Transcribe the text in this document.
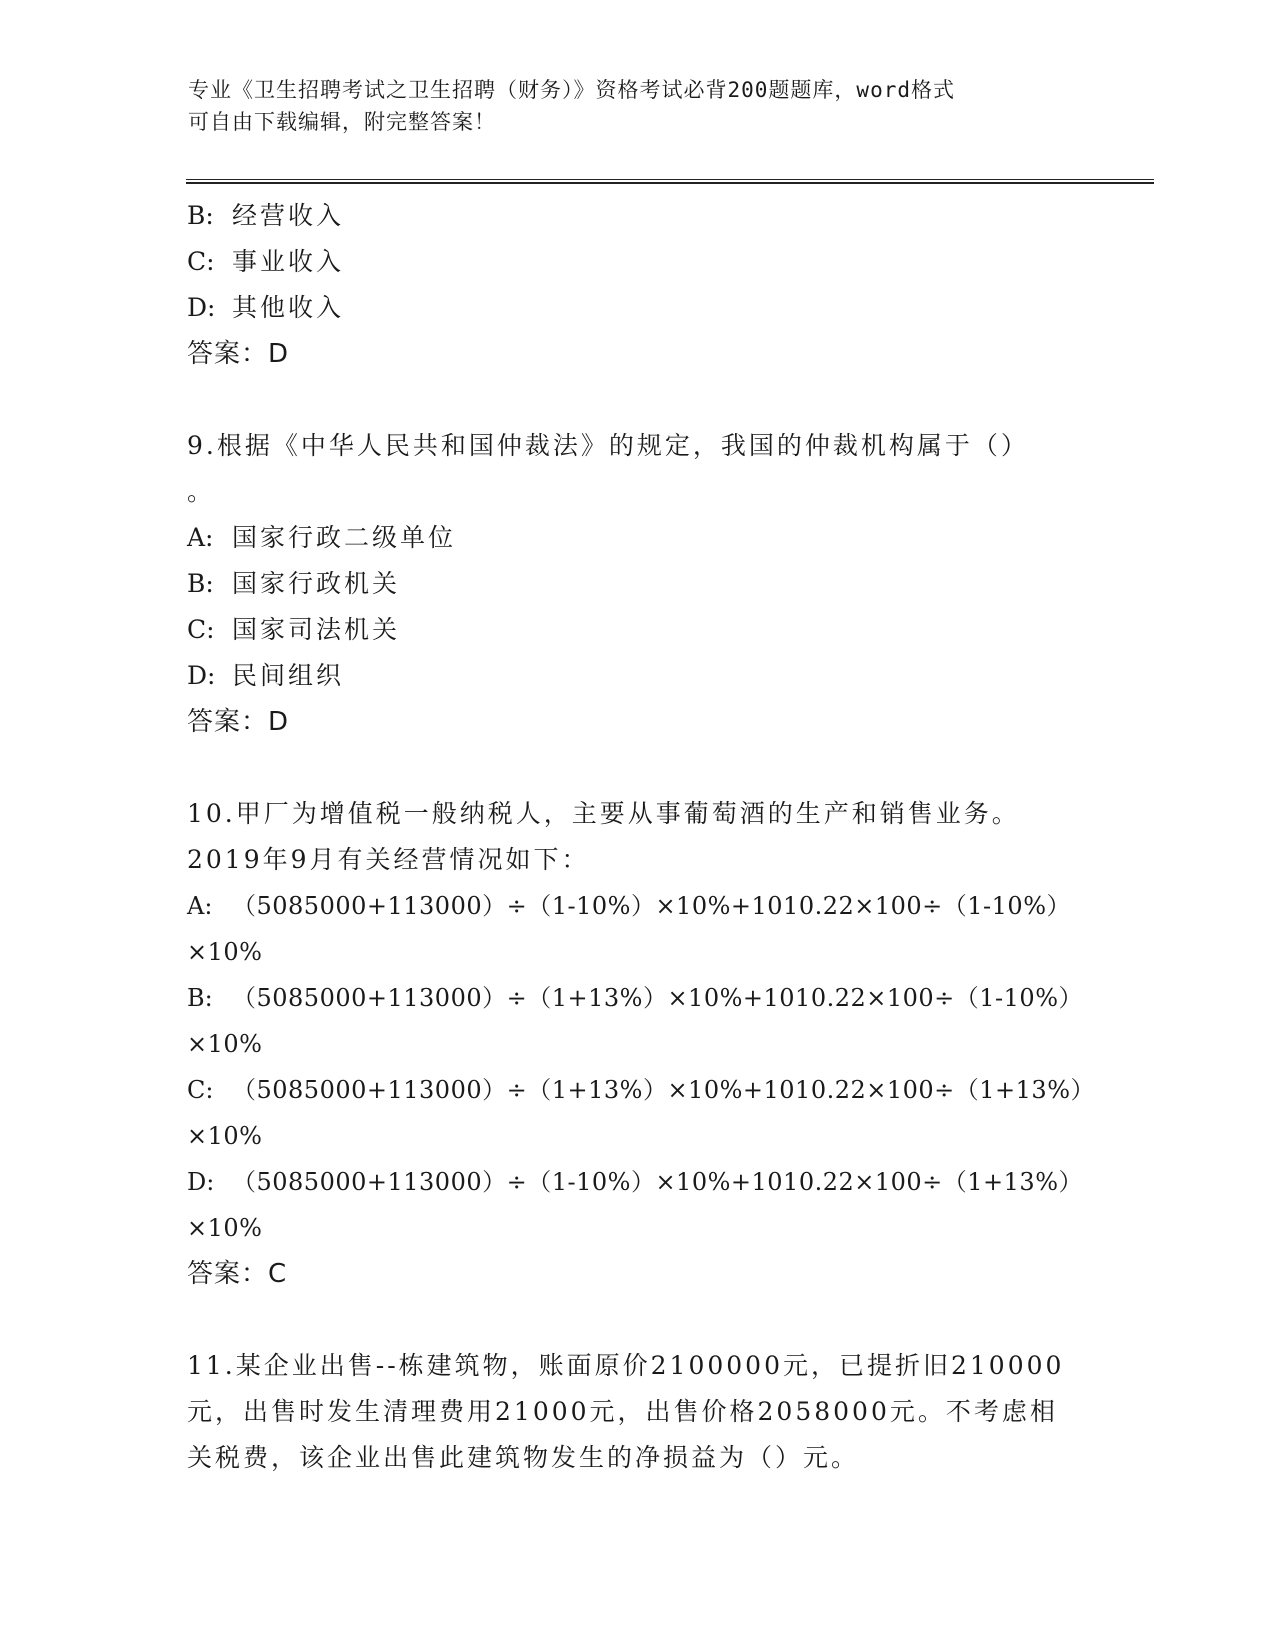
专业《卫生招聘考试之卫生招聘（财务）》资格考试必背200题题库，word格式
可自由下载编辑，附完整答案！
B: 经营收入
C: 事业收入
D: 其他收入
答案：D
9.根据《中华人民共和国仲裁法》的规定，我国的仲裁机构属于（）
。
A: 国家行政二级单位
B: 国家行政机关
C: 国家司法机关
D: 民间组织
答案：D
10.甲厂为增值税一般纳税人，主要从事葡萄酒的生产和销售业务。
2019年9月有关经营情况如下：
A: （5085000+113000）÷（1-10%）×10%+1010.22×100÷（1-10%）
×10%
B: （5085000+113000）÷（1+13%）×10%+1010.22×100÷（1-10%）
×10%
C: （5085000+113000）÷（1+13%）×10%+1010.22×100÷（1+13%）
×10%
D: （5085000+113000）÷（1-10%）×10%+1010.22×100÷（1+13%）
×10%
答案：C
11.某企业出售--栋建筑物，账面原价2100000元，已提折旧210000
元，出售时发生清理费用21000元，出售价格2058000元。不考虑相
关税费，该企业出售此建筑物发生的净损益为（）元。
